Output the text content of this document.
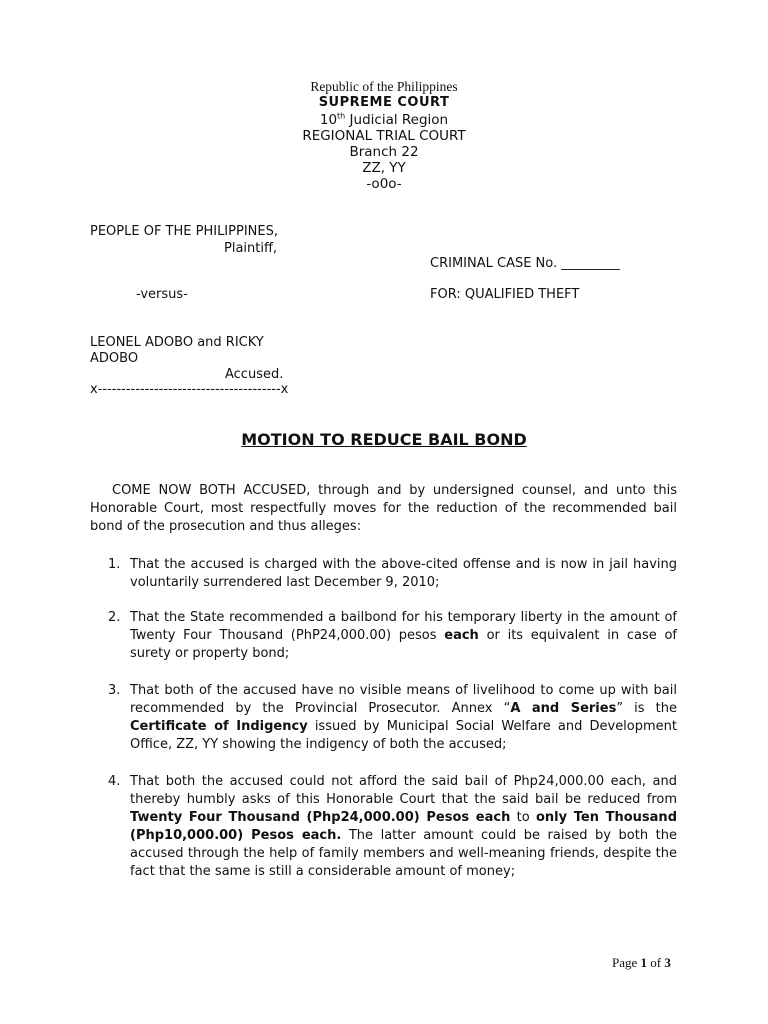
Republic of the Philippines
SUPREME COURT
10th Judicial Region
REGIONAL TRIAL COURT
Branch 22
ZZ, YY
-o0o-
PEOPLE OF THE PHILIPPINES,
Plaintiff,
CRIMINAL CASE No. _________
-versus-	FOR: QUALIFIED THEFT
LEONEL ADOBO and RICKY
ADOBO
Accused.
x---------------------------------------x
MOTION TO REDUCE BAIL BOND
COME NOW BOTH ACCUSED, through and by undersigned counsel, and unto this Honorable Court, most respectfully moves for the reduction of the recommended bail bond of the prosecution and thus alleges:
1. That the accused is charged with the above-cited offense and is now in jail having voluntarily surrendered last December 9, 2010;
2. That the State recommended a bailbond for his temporary liberty in the amount of Twenty Four Thousand (PhP24,000.00) pesos each or its equivalent in case of surety or property bond;
3. That both of the accused have no visible means of livelihood to come up with bail recommended by the Provincial Prosecutor. Annex “A and Series” is the Certificate of Indigency issued by Municipal Social Welfare and Development Office, ZZ, YY showing the indigency of both the accused;
4. That both the accused could not afford the said bail of Php24,000.00 each, and thereby humbly asks of this Honorable Court that the said bail be reduced from Twenty Four Thousand (Php24,000.00) Pesos each to only Ten Thousand (Php10,000.00) Pesos each. The latter amount could be raised by both the accused through the help of family members and well-meaning friends, despite the fact that the same is still a considerable amount of money;
Page 1 of 3
